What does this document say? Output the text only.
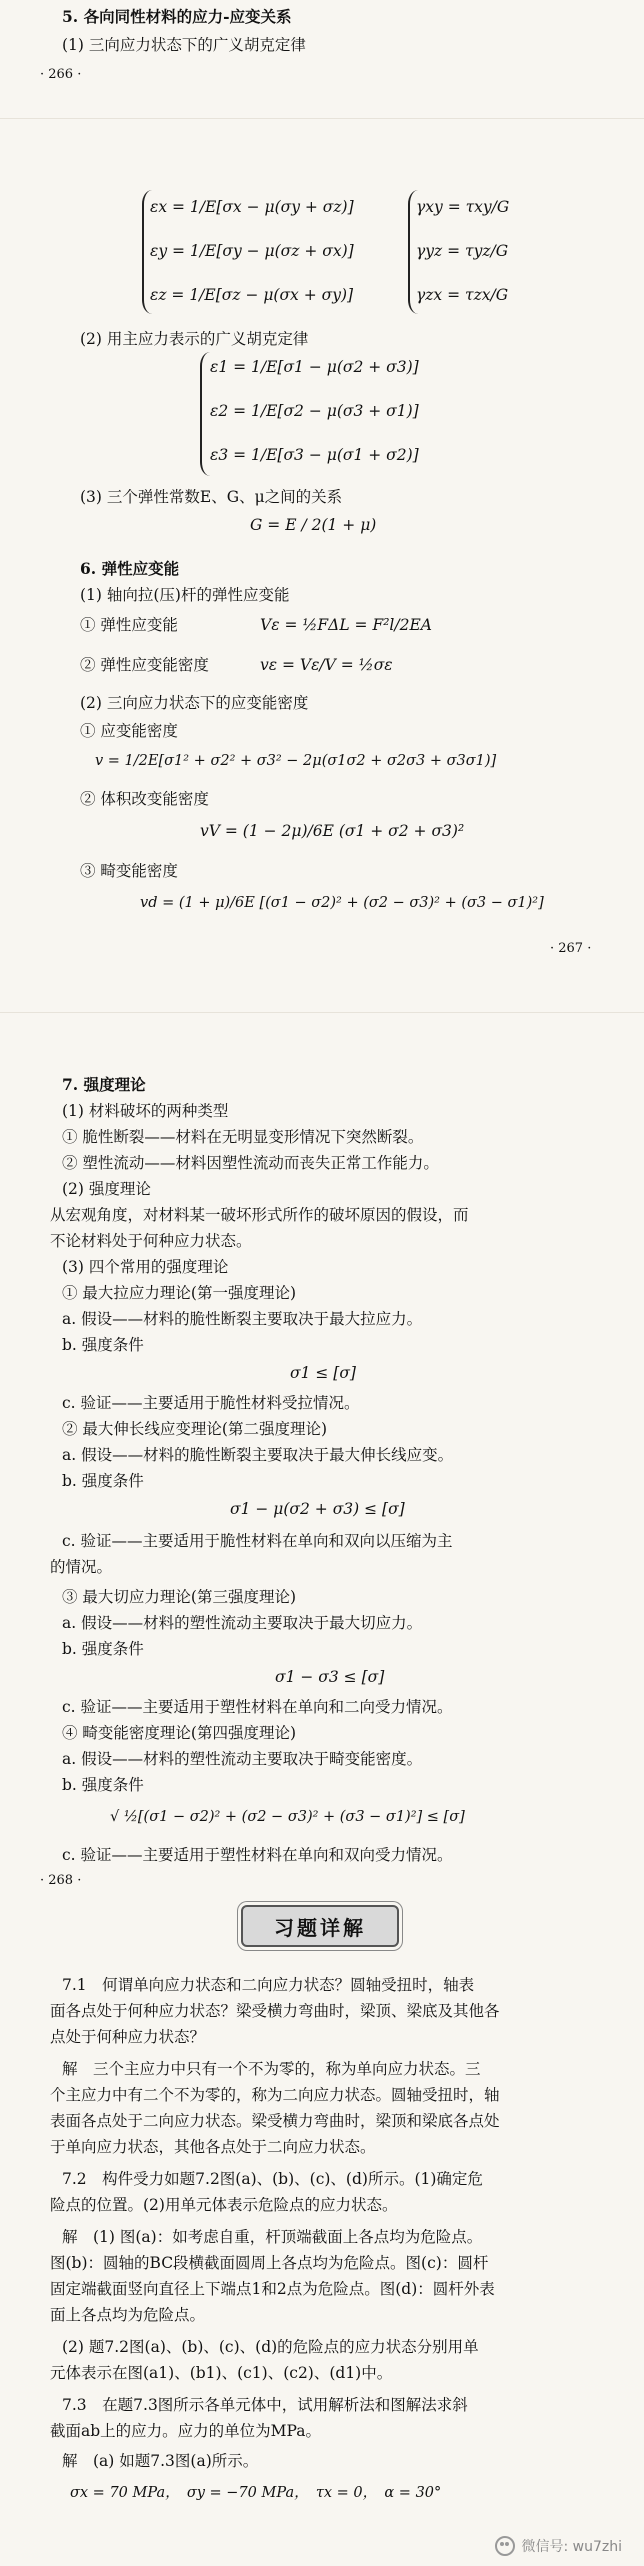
5. 各向同性材料的应力-应变关系
(1) 三向应力状态下的广义胡克定律
· 266 ·
εx = 1/E[σx − μ(σy + σz)]
εy = 1/E[σy − μ(σz + σx)]
εz = 1/E[σz − μ(σx + σy)]
γxy = τxy/G
γyz = τyz/G
γzx = τzx/G
(2) 用主应力表示的广义胡克定律
ε1 = 1/E[σ1 − μ(σ2 + σ3)]
ε2 = 1/E[σ2 − μ(σ3 + σ1)]
ε3 = 1/E[σ3 − μ(σ1 + σ2)]
(3) 三个弹性常数E、G、μ之间的关系
G = E / 2(1 + μ)
6. 弹性应变能
(1) 轴向拉(压)杆的弹性应变能
① 弹性应变能	Vε = ½FΔL = F²l/2EA
② 弹性应变能密度	vε = Vε/V = ½σε
(2) 三向应力状态下的应变能密度
① 应变能密度
v = 1/2E[σ1² + σ2² + σ3² − 2μ(σ1σ2 + σ2σ3 + σ3σ1)]
② 体积改变能密度
vV = (1 − 2μ)/6E (σ1 + σ2 + σ3)²
③ 畸变能密度
vd = (1 + μ)/6E [(σ1 − σ2)² + (σ2 − σ3)² + (σ3 − σ1)²]
· 267 ·
7. 强度理论
(1) 材料破坏的两种类型
① 脆性断裂——材料在无明显变形情况下突然断裂。
② 塑性流动——材料因塑性流动而丧失正常工作能力。
(2) 强度理论
从宏观角度，对材料某一破坏形式所作的破坏原因的假设，而
不论材料处于何种应力状态。
(3) 四个常用的强度理论
① 最大拉应力理论(第一强度理论)
a. 假设——材料的脆性断裂主要取决于最大拉应力。
b. 强度条件
σ1 ≤ [σ]
c. 验证——主要适用于脆性材料受拉情况。
② 最大伸长线应变理论(第二强度理论)
a. 假设——材料的脆性断裂主要取决于最大伸长线应变。
b. 强度条件
σ1 − μ(σ2 + σ3) ≤ [σ]
c. 验证——主要适用于脆性材料在单向和双向以压缩为主
的情况。
③ 最大切应力理论(第三强度理论)
a. 假设——材料的塑性流动主要取决于最大切应力。
b. 强度条件
σ1 − σ3 ≤ [σ]
c. 验证——主要适用于塑性材料在单向和二向受力情况。
④ 畸变能密度理论(第四强度理论)
a. 假设——材料的塑性流动主要取决于畸变能密度。
b. 强度条件
√ ½[(σ1 − σ2)² + (σ2 − σ3)² + (σ3 − σ1)²] ≤ [σ]
c. 验证——主要适用于塑性材料在单向和双向受力情况。
· 268 ·
习题详解
7.1　何谓单向应力状态和二向应力状态？圆轴受扭时，轴表
面各点处于何种应力状态？梁受横力弯曲时，梁顶、梁底及其他各
点处于何种应力状态？
解　三个主应力中只有一个不为零的，称为单向应力状态。三
个主应力中有二个不为零的，称为二向应力状态。圆轴受扭时，轴
表面各点处于二向应力状态。梁受横力弯曲时，梁顶和梁底各点处
于单向应力状态，其他各点处于二向应力状态。
7.2　构件受力如题7.2图(a)、(b)、(c)、(d)所示。(1)确定危
险点的位置。(2)用单元体表示危险点的应力状态。
解　(1) 图(a)：如考虑自重，杆顶端截面上各点均为危险点。
图(b)：圆轴的BC段横截面圆周上各点均为危险点。图(c)：圆杆
固定端截面竖向直径上下端点1和2点为危险点。图(d)：圆杆外表
面上各点均为危险点。
(2) 题7.2图(a)、(b)、(c)、(d)的危险点的应力状态分别用单
元体表示在图(a1)、(b1)、(c1)、(c2)、(d1)中。
7.3　在题7.3图所示各单元体中，试用解析法和图解法求斜
截面ab上的应力。应力的单位为MPa。
解　(a) 如题7.3图(a)所示。
σx = 70 MPa，　σy = −70 MPa，　τx = 0，　α = 30°
微信号: wu7zhi
